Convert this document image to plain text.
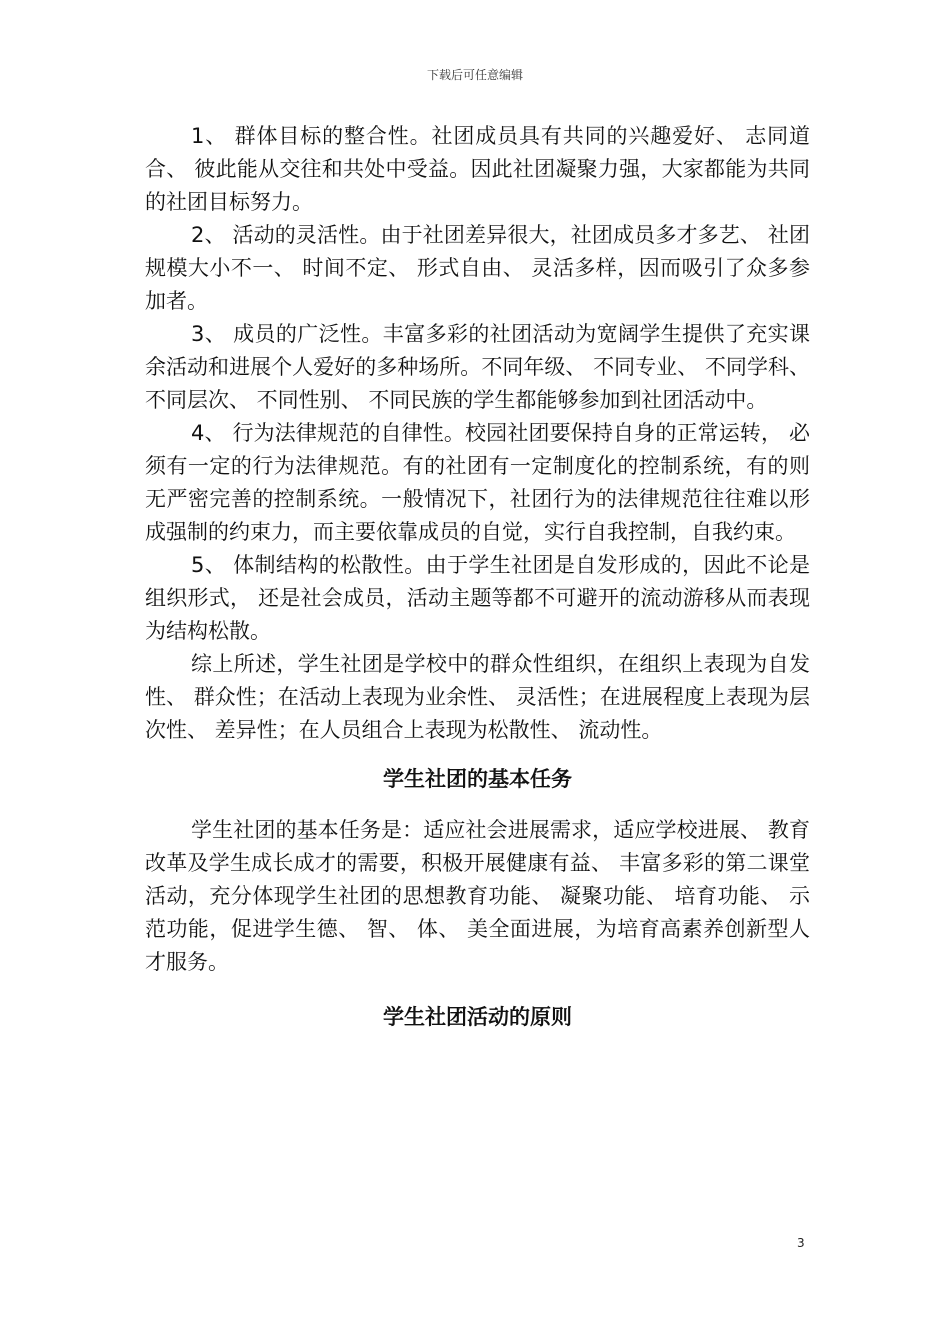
下载后可任意编辑

1、 群体目标的整合性。社团成员具有共同的兴趣爱好、 志同道合、 彼此能从交往和共处中受益。因此社团凝聚力强，大家都能为共同的社团目标努力。

2、 活动的灵活性。由于社团差异很大，社团成员多才多艺、 社团规模大小不一、 时间不定、 形式自由、 灵活多样，因而吸引了众多参加者。

3、 成员的广泛性。丰富多彩的社团活动为宽阔学生提供了充实课余活动和进展个人爱好的多种场所。不同年级、 不同专业、 不同学科、 不同层次、 不同性别、 不同民族的学生都能够参加到社团活动中。

4、 行为法律规范的自律性。校园社团要保持自身的正常运转， 必须有一定的行为法律规范。有的社团有一定制度化的控制系统，有的则无严密完善的控制系统。一般情况下，社团行为的法律规范往往难以形成强制的约束力，而主要依靠成员的自觉，实行自我控制，自我约束。

5、 体制结构的松散性。由于学生社团是自发形成的，因此不论是组织形式， 还是社会成员，活动主题等都不可避开的流动游移从而表现为结构松散。

综上所述，学生社团是学校中的群众性组织，在组织上表现为自发性、 群众性；在活动上表现为业余性、 灵活性；在进展程度上表现为层次性、 差异性；在人员组合上表现为松散性、 流动性。

学生社团的基本任务

学生社团的基本任务是：适应社会进展需求，适应学校进展、 教育改革及学生成长成才的需要，积极开展健康有益、 丰富多彩的第二课堂活动，充分体现学生社团的思想教育功能、 凝聚功能、 培育功能、 示范功能，促进学生德、 智、 体、 美全面进展，为培育高素养创新型人才服务。

学生社团活动的原则
3
